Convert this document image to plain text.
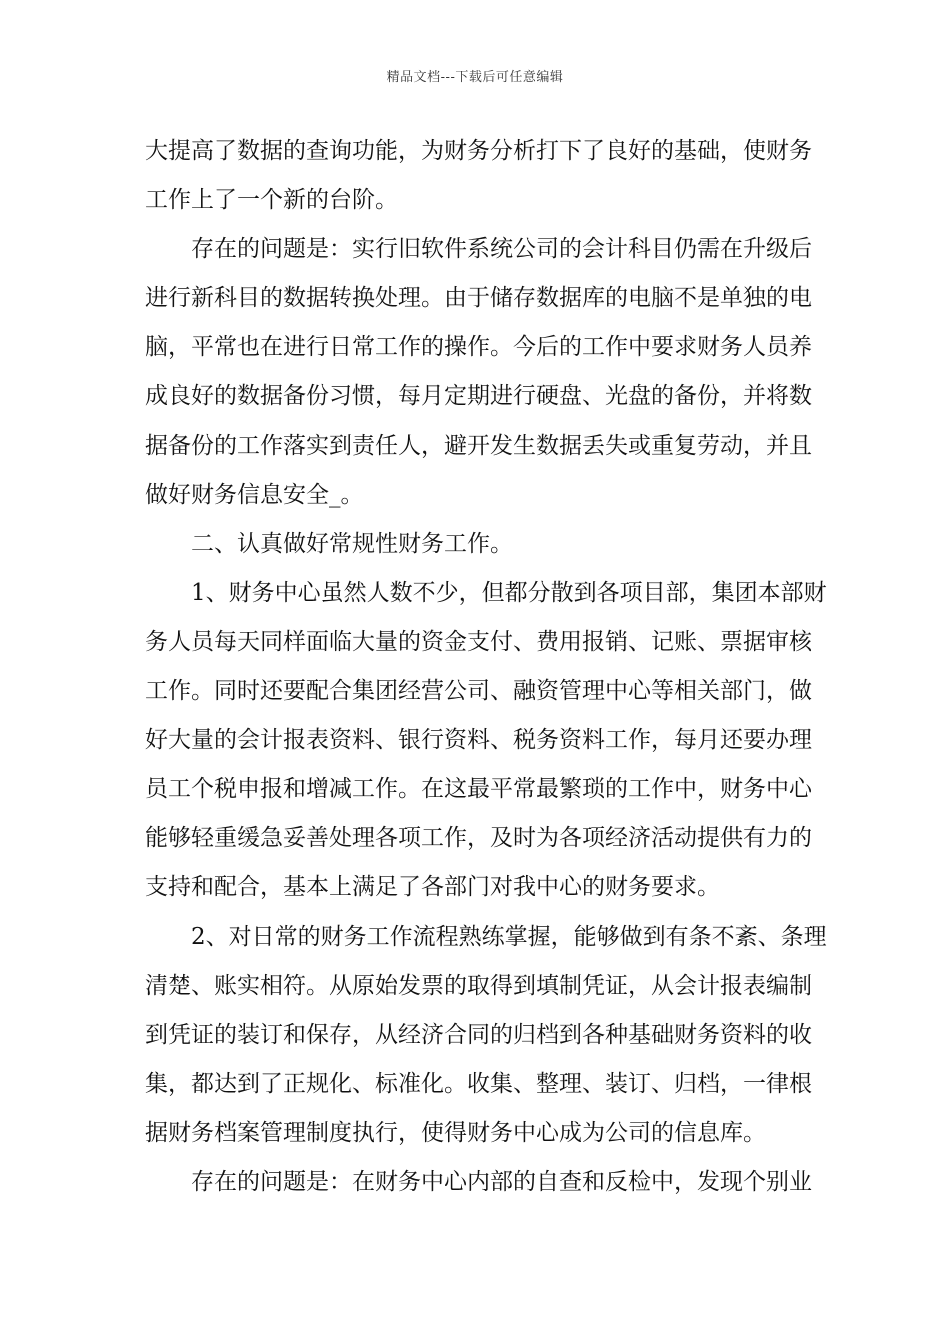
精品文档---下载后可任意编辑
大提高了数据的查询功能，为财务分析打下了良好的基础，使财务
工作上了一个新的台阶。
存在的问题是：实行旧软件系统公司的会计科目仍需在升级后
进行新科目的数据转换处理。由于储存数据库的电脑不是单独的电
脑，平常也在进行日常工作的操作。今后的工作中要求财务人员养
成良好的数据备份习惯，每月定期进行硬盘、光盘的备份，并将数
据备份的工作落实到责任人，避开发生数据丢失或重复劳动，并且
做好财务信息安全_。
二、认真做好常规性财务工作。
1、财务中心虽然人数不少，但都分散到各项目部，集团本部财
务人员每天同样面临大量的资金支付、费用报销、记账、票据审核
工作。同时还要配合集团经营公司、融资管理中心等相关部门，做
好大量的会计报表资料、银行资料、税务资料工作，每月还要办理
员工个税申报和增减工作。在这最平常最繁琐的工作中，财务中心
能够轻重缓急妥善处理各项工作，及时为各项经济活动提供有力的
支持和配合，基本上满足了各部门对我中心的财务要求。
2、对日常的财务工作流程熟练掌握，能够做到有条不紊、条理
清楚、账实相符。从原始发票的取得到填制凭证，从会计报表编制
到凭证的装订和保存，从经济合同的归档到各种基础财务资料的收
集，都达到了正规化、标准化。收集、整理、装订、归档，一律根
据财务档案管理制度执行，使得财务中心成为公司的信息库。
存在的问题是：在财务中心内部的自查和反检中，发现个别业
